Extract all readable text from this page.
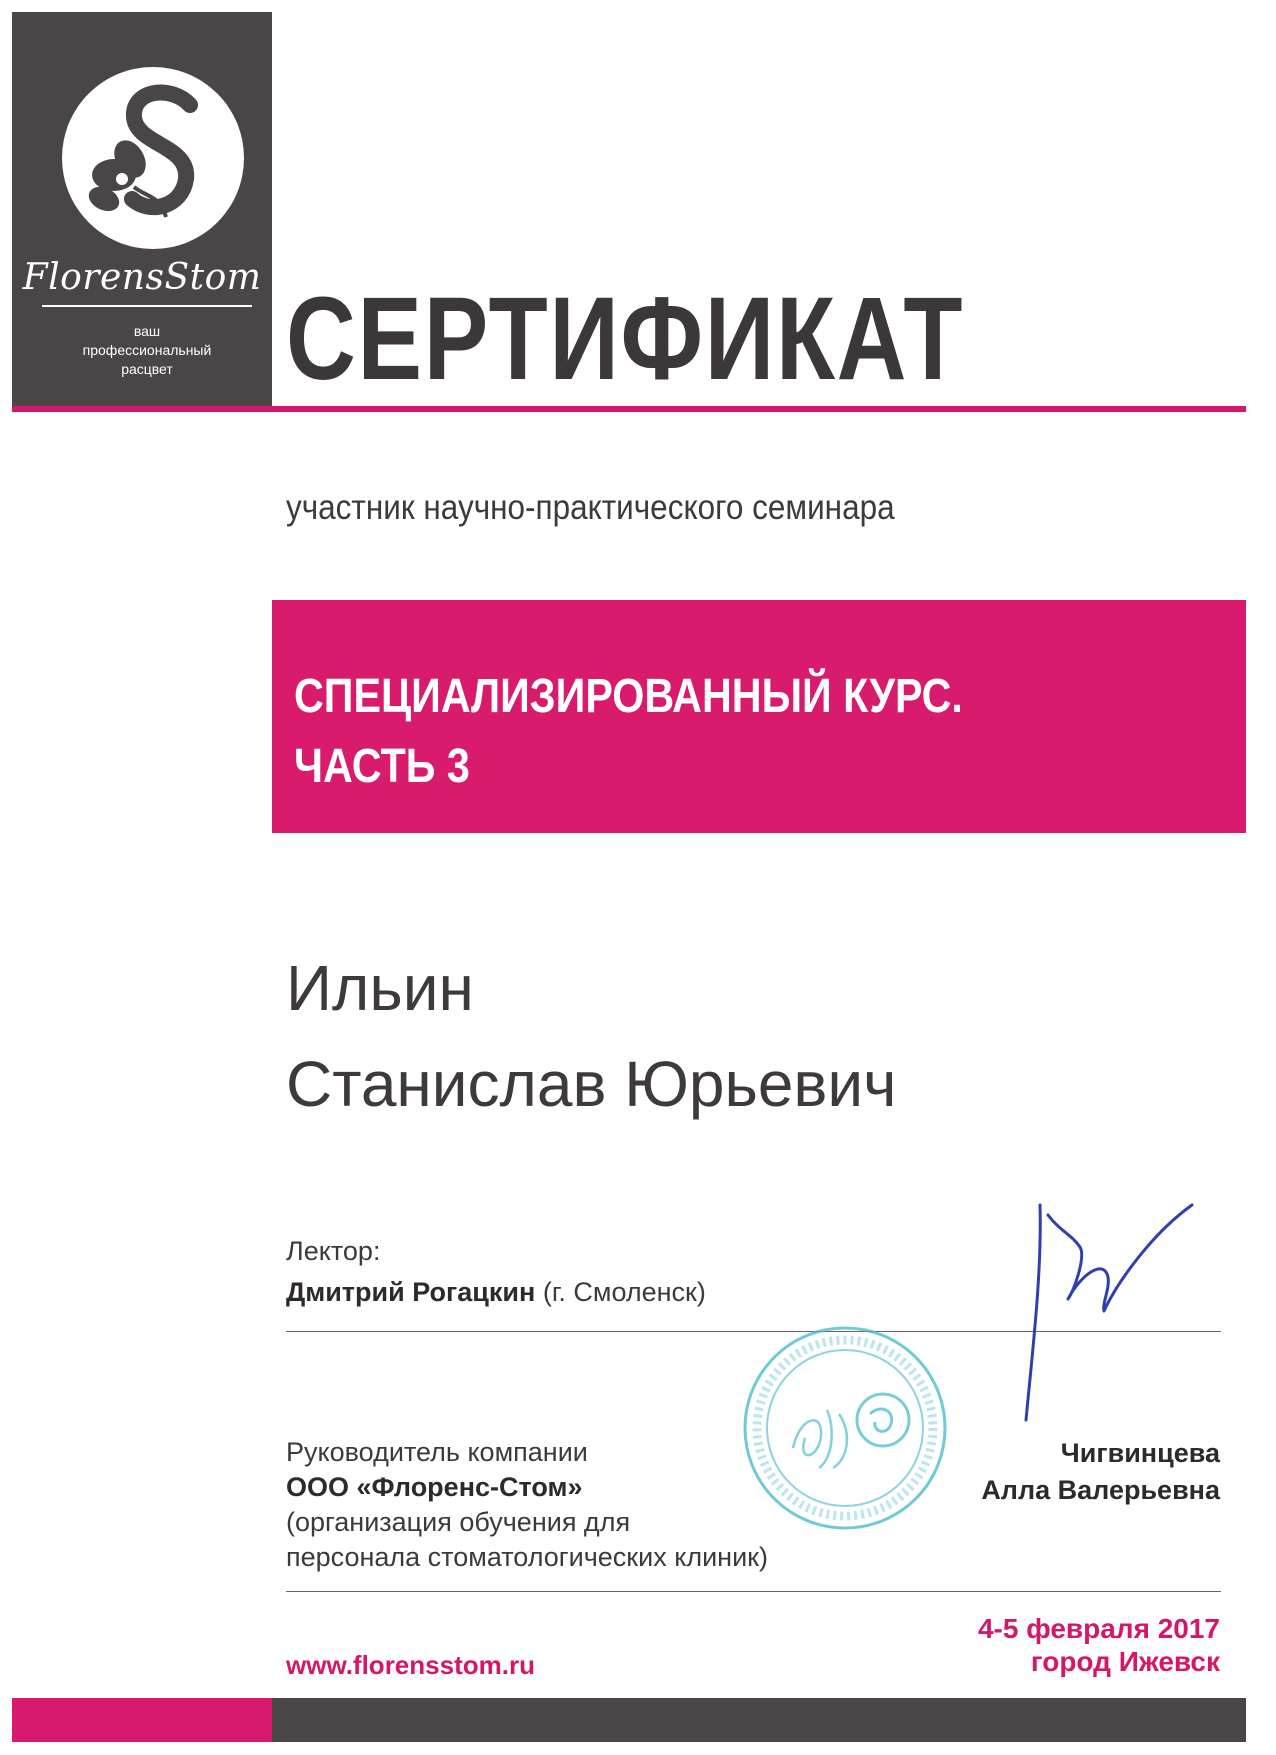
FlorensStom
ваш
профессиональный
расцвет СЕРТИФИКАТ
участник научно-практического семинара
СПЕЦИАЛИЗИРОВАННЫЙ КУРС.
ЧАСТЬ 3
Ильин
Станислав Юрьевич
Лектор:
Дмитрий Рогацкин (г. Смоленск)
Руководитель компании
ООО «Флоренс-Стом»
(организация обучения для
персонала стоматологических клиник)
Чигвинцева
Алла Валерьевна
4-5 февраля 2017
город Ижевск
www.florensstom.ru
